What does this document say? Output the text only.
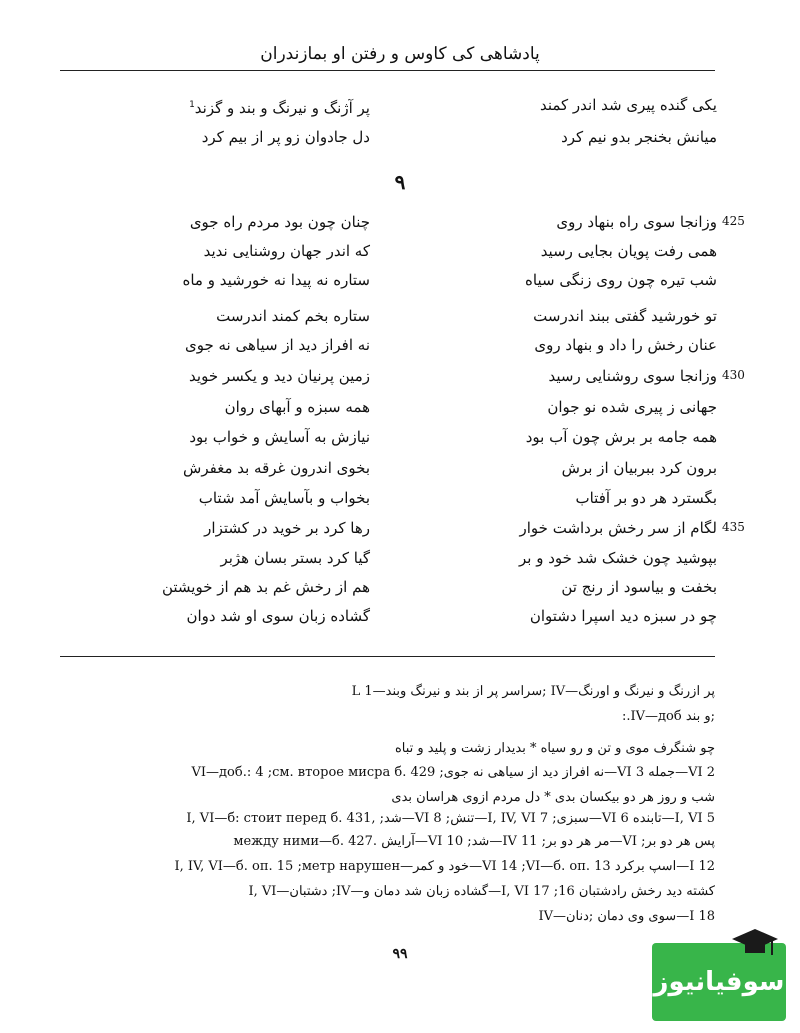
پادشاهی کی کاوس و رفتن او بمازندران
یکی گنده پیری شد اندر کمند
میانش بخنجر بدو نیم کرد
پر آژنگ و نیرنگ و بند و گزند$^1$
دل جادوان زو پر از بیم کرد
۹
وزانجا سوی راه بنهاد روی
همی رفت پویان بجایی رسید
شب تیره چون روی زنگی سیاه
تو خورشید گفتی ببند اندرست
عنان رخش را داد و بنهاد روی
وزانجا سوی روشنایی رسید
جهانی ز پیری شده نو جوان
همه جامه بر برش چون آب بود
برون کرد ببربیان از برش
بگسترد هر دو بر آفتاب
لگام از سر رخش برداشت خوار
بپوشید چون خشک شد خود و بر
بخفت و بیاسود از رنج تن
چو در سبزه دید اسپرا دشتوان
چنان چون بود مردم راه جوی
که اندر جهان روشنایی ندید
ستاره نه پیدا نه خورشید و ماه
ستاره بخم کمند اندرست
نه افراز دید از سیاهی نه جوی
زمین پرنیان دید و یکسر خوید
همه سبزه و آبهای روان
نیازش به آسایش و خواب بود
بخوی اندرون غرقه بد مغفرش
بخواب و بآسایش آمد شتاب
رها کرد بر خوید در کشتزار
گیا کرد بستر بسان هژبر
هم از رخش غم بد هم از خویشتن
گشاده زبان سوی او شد دوان
425
430
435
پر ازرنگ و نیرنگ و اورنگ—IV ;سراسر پر از بند و نیرنگ وبند—L 1
;و بند IV—доб.:
چو شنگرف موی و تن و رو سیاه * بدیدار زشت و پلید و تباه
VI—доб.: 4 ;см. второе мисра б. 429 ;نه افراز دید از سیاهی نه جوی—VI 3 جمله—VI 2
شب و روز هر دو بیکسان بدی * دل مردم ازوی هراسان بدی
I, VI—б: стоит перед б. 431, ;شد—VI 8 ;تنش—I, IV, VI 7 ;سبزی—VI 6 تابنده—I, VI 5
между ними—б. 427. آرایش—VI 10 ;شد—IV 11 ;مر هر دو بر—VI ;پس هر دو بر
I, IV, VI—б. оп. 15 ;метр нарушен—خود و کمر—VI 14 ;VI—б. оп. 13 اسپ برکرد—I 12
I, VI—دشتبان ;IV—گشاده زبان شد دمان و—I, VI 17 ;کشته دید رخش رادشتبان 16
IV—سوی وی دمان ;دنان—I 18
۹۹
سوفیانیوز
